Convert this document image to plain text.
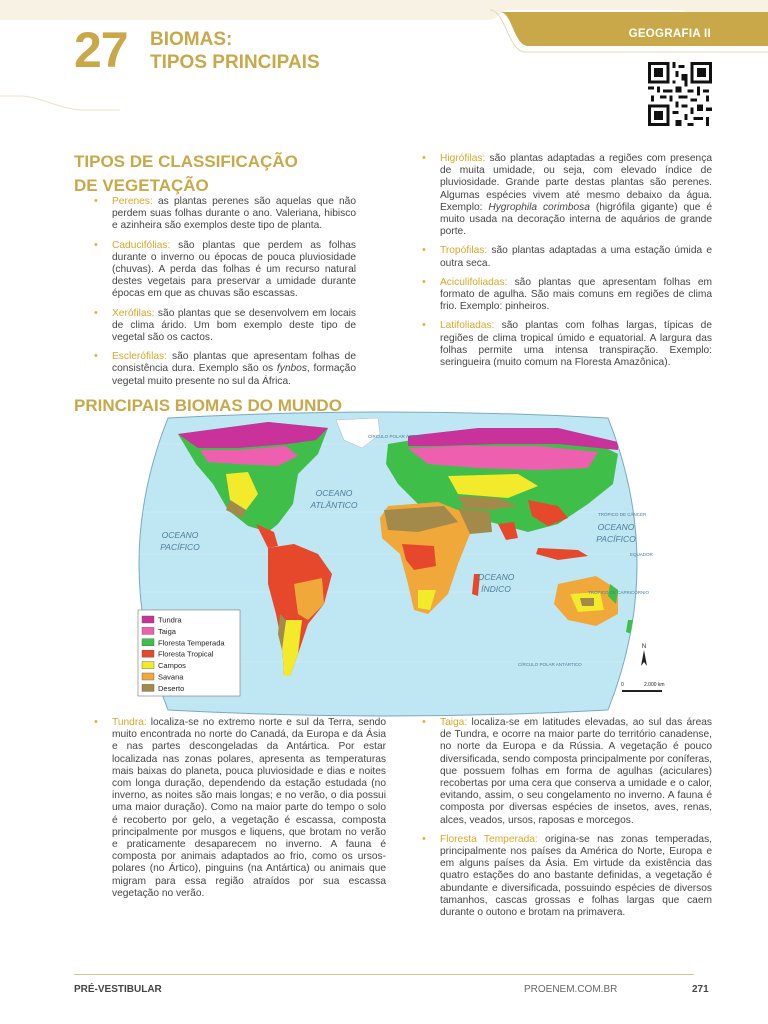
27 BIOMAS:
TIPOS PRINCIPAIS
GEOGRAFIA II
TIPOS DE CLASSIFICAÇÃO
DE VEGETAÇÃO
• Perenes: as plantas perenes são aquelas que não perdem suas folhas durante o ano. Valeriana, hibisco e azinheira são exemplos deste tipo de planta.
• Caducifólias: são plantas que perdem as folhas durante o inverno ou épocas de pouca pluviosidade (chuvas). A perda das folhas é um recurso natural destes vegetais para preservar a umidade durante épocas em que as chuvas são escassas.
• Xerófilas: são plantas que se desenvolvem em locais de clima árido. Um bom exemplo deste tipo de vegetal são os cactos.
• Esclerófilas: são plantas que apresentam folhas de consistência dura. Exemplo são os fynbos, formação vegetal muito presente no sul da África.
• Higrófilas: são plantas adaptadas a regiões com presença de muita umidade, ou seja, com elevado índice de pluviosidade. Grande parte destas plantas são perenes. Algumas espécies vivem até mesmo debaixo da água. Exemplo: Hygrophila corimbosa (higrófila gigante) que é muito usada na decoração interna de aquários de grande porte.
• Tropófilas: são plantas adaptadas a uma estação úmida e outra seca.
• Aciculifoliadas: são plantas que apresentam folhas em formato de agulha. São mais comuns em regiões de clima frio. Exemplo: pinheiros.
• Latifoliadas: são plantas com folhas largas, típicas de regiões de clima tropical úmido e equatorial. A largura das folhas permite uma intensa transpiração. Exemplo: seringueira (muito comum na Floresta Amazônica).
PRINCIPAIS BIOMAS DO MUNDO
OCEANO
ATLÂNTICO
OCEANO
PACÍFICO
OCEANO
PACÍFICO
OCEANO
ÍNDICO
CÍRCULO POLAR ÁRTICO
TRÓPICO DE CÂNCER
EQUADOR
TRÓPICO DE CAPRICÓRNIO
CÍRCULO POLAR ANTÁRTICO
Tundra
Taiga
Floresta Temperada
Floresta Tropical
Campos
Savana
Deserto
N
0	2.000 km
• Tundra: localiza-se no extremo norte e sul da Terra, sendo muito encontrada no norte do Canadá, da Europa e da Ásia e nas partes descongeladas da Antártica. Por estar localizada nas zonas polares, apresenta as temperaturas mais baixas do planeta, pouca pluviosidade e dias e noites com longa duração, dependendo da estação estudada (no inverno, as noites são mais longas; e no verão, o dia possui uma maior duração). Como na maior parte do tempo o solo é recoberto por gelo, a vegetação é escassa, composta principalmente por musgos e liquens, que brotam no verão e praticamente desaparecem no inverno. A fauna é composta por animais adaptados ao frio, como os ursos-polares (no Ártico), pinguins (na Antártica) ou animais que migram para essa região atraídos por sua escassa vegetação no verão.
• Taiga: localiza-se em latitudes elevadas, ao sul das áreas de Tundra, e ocorre na maior parte do território canadense, no norte da Europa e da Rússia. A vegetação é pouco diversificada, sendo composta principalmente por coníferas, que possuem folhas em forma de agulhas (aciculares) recobertas por uma cera que conserva a umidade e o calor, evitando, assim, o seu congelamento no inverno. A fauna é composta por diversas espécies de insetos, aves, renas, alces, veados, ursos, raposas e morcegos.
• Floresta Temperada: origina-se nas zonas temperadas, principalmente nos países da América do Norte, Europa e em alguns países da Ásia. Em virtude da existência das quatro estações do ano bastante definidas, a vegetação é abundante e diversificada, possuindo espécies de diversos tamanhos, cascas grossas e folhas largas que caem durante o outono e brotam na primavera.
PRÉ-VESTIBULAR	PROENEM.COM.BR	271
